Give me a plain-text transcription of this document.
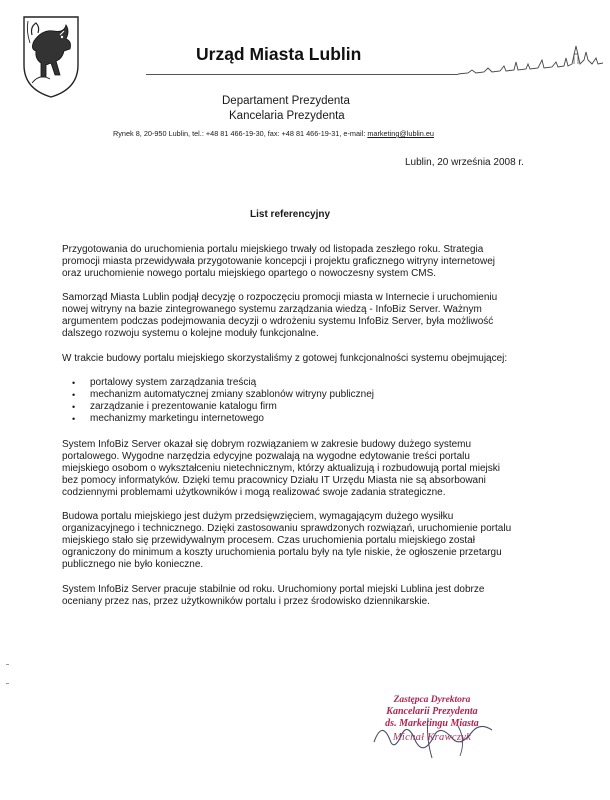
Urząd Miasta Lublin
Departament Prezydenta
Kancelaria Prezydenta
Rynek 8, 20-950 Lublin, tel.: +48 81 466-19-30, fax: +48 81 466-19-31, e-mail: marketing@lublin.eu
Lublin, 20 września 2008 r.
List referencyjny
Przygotowania do uruchomienia portalu miejskiego trwały od listopada zeszłego roku. Strategia
promocji miasta przewidywała przygotowanie koncepcji i projektu graficznego witryny internetowej
oraz uruchomienie nowego portalu miejskiego opartego o nowoczesny system CMS.
Samorząd Miasta Lublin podjął decyzję o rozpoczęciu promocji miasta w Internecie i uruchomieniu
nowej witryny na bazie zintegrowanego systemu zarządzania wiedzą - InfoBiz Server. Ważnym
argumentem podczas podejmowania decyzji o wdrożeniu systemu InfoBiz Server, była możliwość
dalszego rozwoju systemu o kolejne moduły funkcjonalne.
W trakcie budowy portalu miejskiego skorzystaliśmy z gotowej funkcjonalności systemu obejmującej:
• portalowy system zarządzania treścią
• mechanizm automatycznej zmiany szablonów witryny publicznej
• zarządzanie i prezentowanie katalogu firm
• mechanizmy marketingu internetowego
System InfoBiz Server okazał się dobrym rozwiązaniem w zakresie budowy dużego systemu
portalowego. Wygodne narzędzia edycyjne pozwalają na wygodne edytowanie treści portalu
miejskiego osobom o wykształceniu nietechnicznym, którzy aktualizują i rozbudowują portal miejski
bez pomocy informatyków. Dzięki temu pracownicy Działu IT Urzędu Miasta nie są absorbowani
codziennymi problemami użytkowników i mogą realizować swoje zadania strategiczne.
Budowa portalu miejskiego jest dużym przedsięwzięciem, wymagającym dużego wysiłku
organizacyjnego i technicznego. Dzięki zastosowaniu sprawdzonych rozwiązań, uruchomienie portalu
miejskiego stało się przewidywalnym procesem. Czas uruchomienia portalu miejskiego został
ograniczony do minimum a koszty uruchomienia portalu były na tyle niskie, że ogłoszenie przetargu
publicznego nie było konieczne.
System InfoBiz Server pracuje stabilnie od roku. Uruchomiony portal miejski Lublina jest dobrze
oceniany przez nas, przez użytkowników portalu i przez środowisko dziennikarskie.
Zastępca Dyrektora
Kancelarii Prezydenta
ds. Marketingu Miasta
Michał Krawczyk
